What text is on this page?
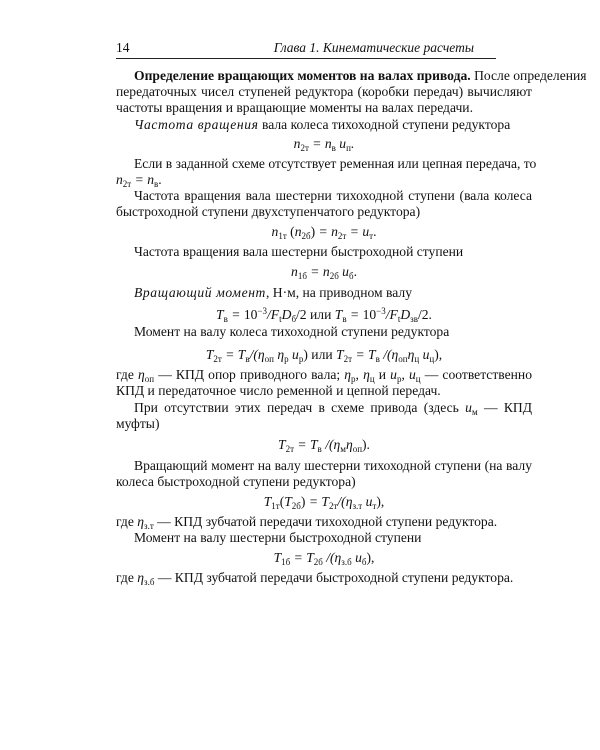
14	Глава 1. Кинематические расчеты
Определение вращающих моментов на валах привода. После определения
передаточных чисел ступеней редуктора (коробки передач) вычисляют
частоты вращения и вращающие моменты на валах передачи.
Частота вращения вала колеса тихоходной ступени редуктора
$n_{2т} = n_в$ $u_п$.
Если в заданной схеме отсутствует ременная или цепная передача, то
$n_{2т} = n_в$.
Частота вращения вала шестерни тихоходной ступени (вала колеса
быстроходной ступени двухступенчатого редуктора)
$n_{1т}$ $(n_{2б}) = n_{2т} = u_т$.
Частота вращения вала шестерни быстроходной ступени
$n_{1б} = n_{2б}$ $u_б$.
Вращающий момент, Н·м, на приводном валу
$T_в = 10^{-3}/F_tD_б/2$ или $T_в = 10^{-3}/F_tD_{зв}/2$.
Момент на валу колеса тихоходной ступени редуктора
$T_{2т} = T_в/(\eta_{оп}$ $\eta_р$ $u_р$) или $T_{2т} = T_в$ $/(\eta_{оп}\eta_ц$ $u_ц$),
где $\eta_{оп}$ — КПД опор приводного вала; $\eta_р$, $\eta_ц$ и $u_р$, $u_ц$ — соответственно
КПД и передаточное число ременной и цепной передач.
При отсутствии этих передач в схеме привода (здесь $u_м$ — КПД
муфты)
$T_{2т} = T_в$ $/(\eta_м\eta_{оп})$.
Вращающий момент на валу шестерни тихоходной ступени (на валу
колеса быстроходной ступени редуктора)
$T_{1т}(T_{2б}) = T_{2т}/(\eta_{з.т}$ $u_т$),
где $\eta_{з.т}$ — КПД зубчатой передачи тихоходной ступени редуктора.
Момент на валу шестерни быстроходной ступени
$T_{1б} = T_{2б}$ $/(\eta_{з.б}$ $u_б$),
где $\eta_{з.б}$ — КПД зубчатой передачи быстроходной ступени редуктора.
